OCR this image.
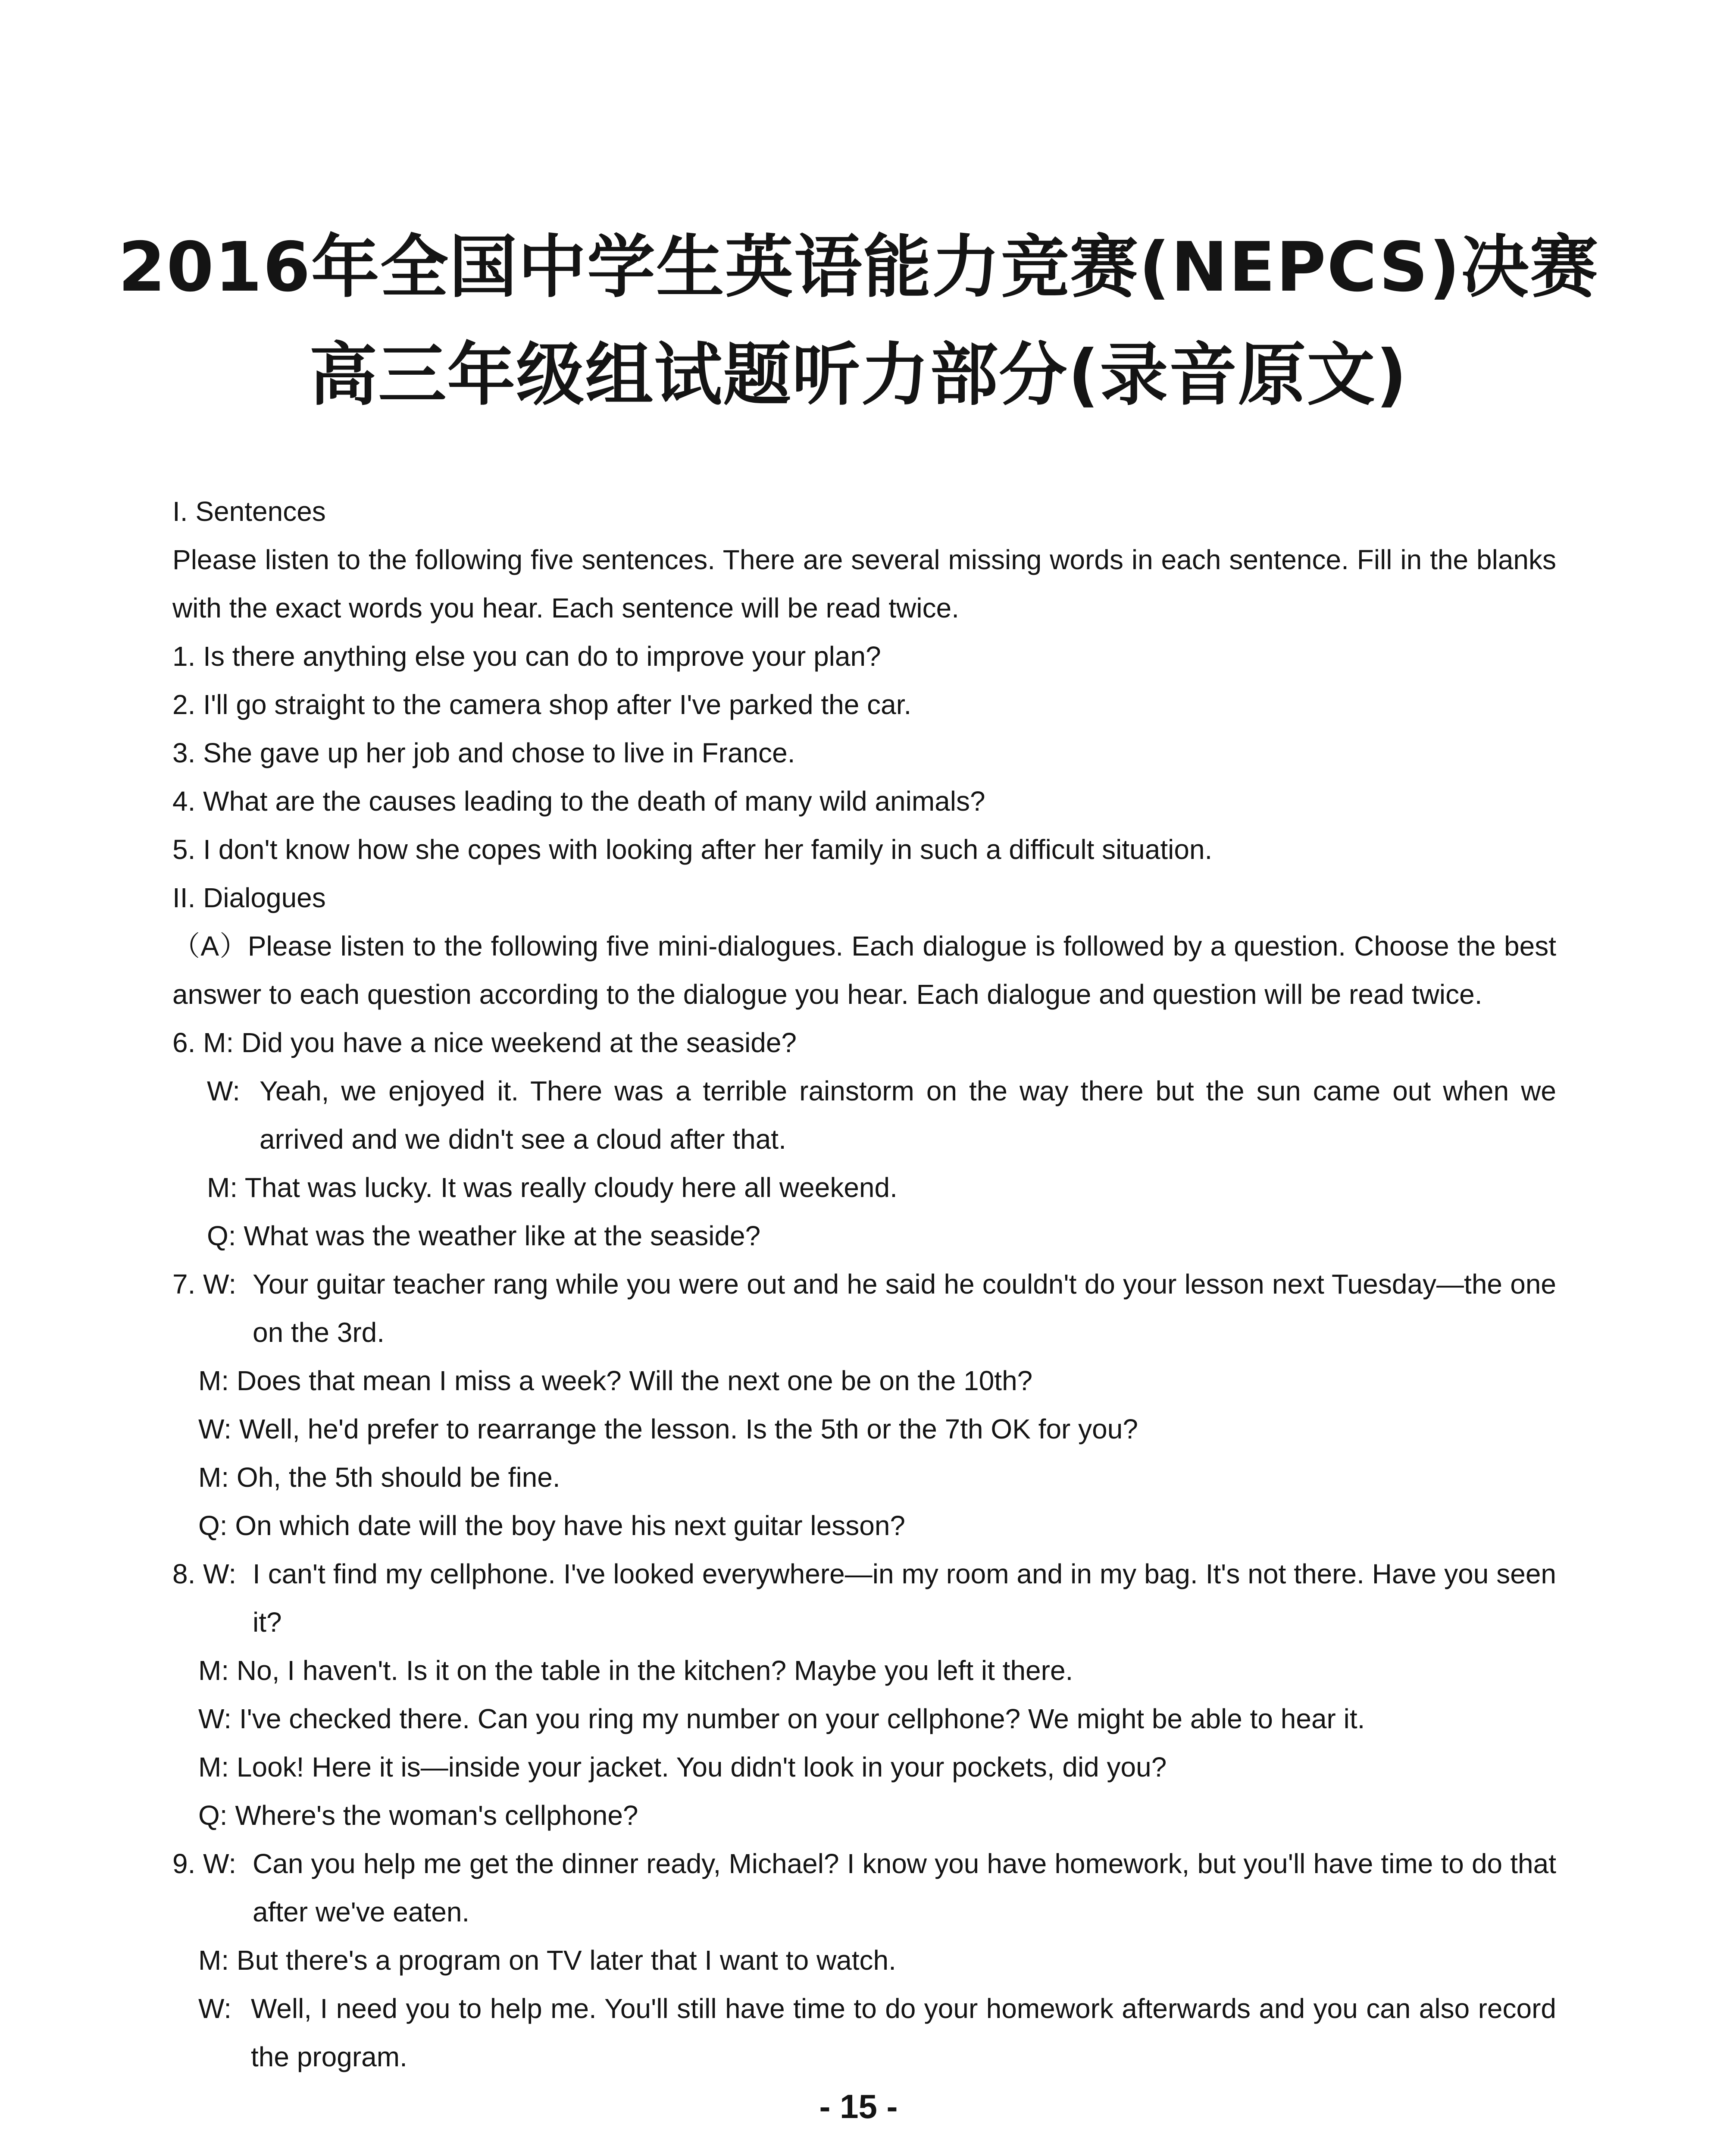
2016年全国中学生英语能力竞赛(NEPCS)决赛
高三年级组试题听力部分(录音原文)
I. Sentences
Please listen to the following five sentences. There are several missing words in each sentence. Fill in the blanks with the exact words you hear. Each sentence will be read twice.
1. Is there anything else you can do to improve your plan?
2. I'll go straight to the camera shop after I've parked the car.
3. She gave up her job and chose to live in France.
4. What are the causes leading to the death of many wild animals?
5. I don't know how she copes with looking after her family in such a difficult situation.
II. Dialogues
（A）Please listen to the following five mini-dialogues. Each dialogue is followed by a question. Choose the best answer to each question according to the dialogue you hear. Each dialogue and question will be read twice.
6. M: Did you have a nice weekend at the seaside?
W: Yeah, we enjoyed it. There was a terrible rainstorm on the way there but the sun came out when we arrived and we didn't see a cloud after that.
M: That was lucky. It was really cloudy here all weekend.
Q: What was the weather like at the seaside?
7. W: Your guitar teacher rang while you were out and he said he couldn't do your lesson next Tuesday—the one on the 3rd.
M: Does that mean I miss a week? Will the next one be on the 10th?
W: Well, he'd prefer to rearrange the lesson. Is the 5th or the 7th OK for you?
M: Oh, the 5th should be fine.
Q: On which date will the boy have his next guitar lesson?
8. W: I can't find my cellphone. I've looked everywhere—in my room and in my bag. It's not there. Have you seen it?
M: No, I haven't. Is it on the table in the kitchen? Maybe you left it there.
W: I've checked there. Can you ring my number on your cellphone? We might be able to hear it.
M: Look! Here it is—inside your jacket. You didn't look in your pockets, did you?
Q: Where's the woman's cellphone?
9. W: Can you help me get the dinner ready, Michael? I know you have homework, but you'll have time to do that after we've eaten.
M: But there's a program on TV later that I want to watch.
W: Well, I need you to help me. You'll still have time to do your homework afterwards and you can also record the program.
- 15 -
